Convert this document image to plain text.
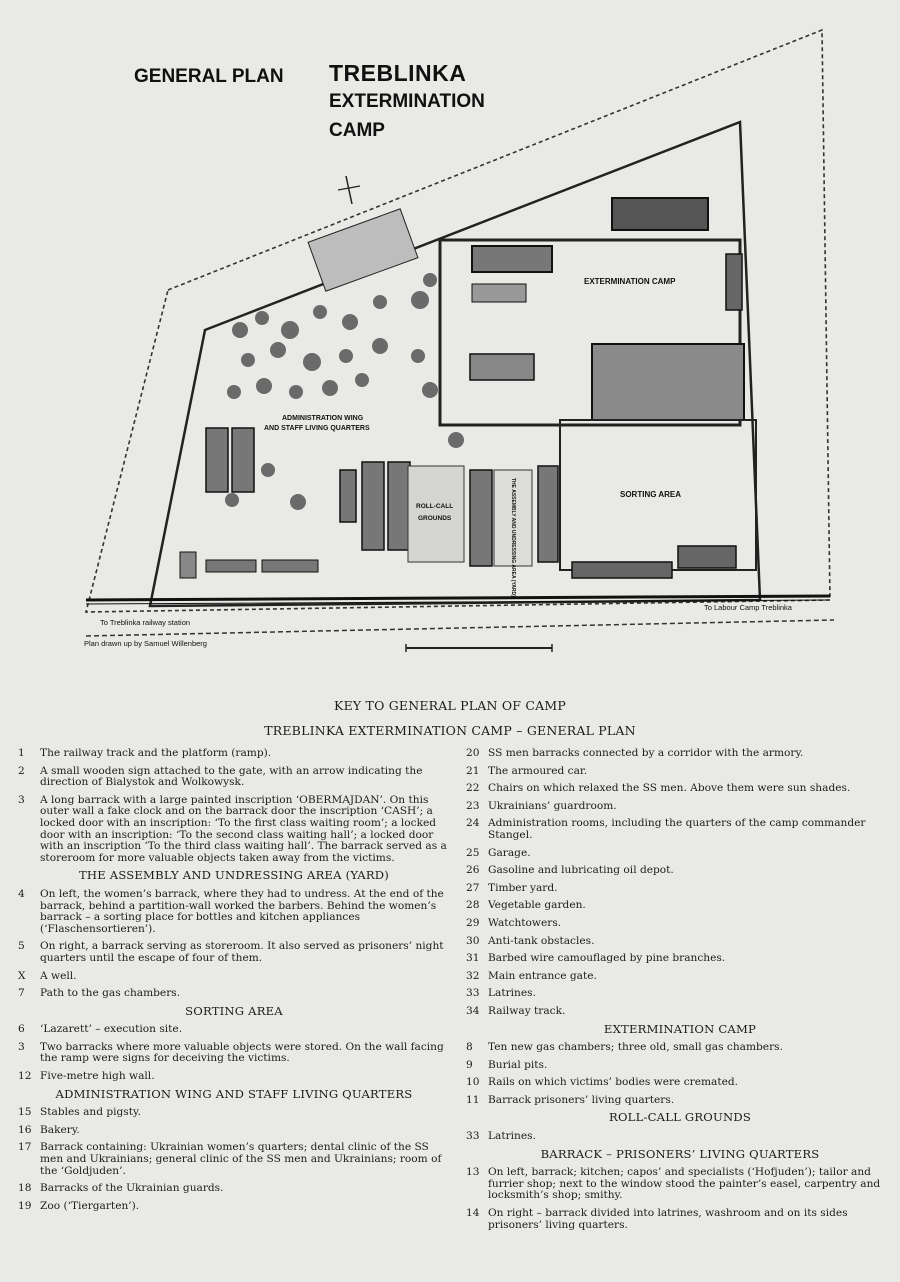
GENERAL PLAN TREBLINKA
EXTERMINATION
CAMP
EXTERMINATION CAMP
ADMINISTRATION WING
AND STAFF LIVING QUARTERS
ROLL-CALL
GROUNDS	THE ASSEMBLY AND UNDRESSING AREA (YARD)	SORTING AREA
To Treblinka railway station
To Labour Camp Treblinka
Plan drawn up by Samuel Willenberg
KEY TO GENERAL PLAN OF CAMP
TREBLINKA EXTERMINATION CAMP – GENERAL PLAN
1	The railway track and the platform (ramp).
2	A small wooden sign attached to the gate, with an arrow indicating the direction of Bialystok and Wolkowysk.
3	A long barrack with a large painted inscription ‘OBERMAJDAN’. On this outer wall a fake clock and on the barrack door the inscription ‘CASH’; a locked door with an inscription: ‘To the first class waiting room’; a locked door with an inscription: ‘To the second class waiting hall’; a locked door with an inscription ‘To the third class waiting hall’. The barrack served as a storeroom for more valuable objects taken away from the victims.
THE ASSEMBLY AND UNDRESSING AREA (YARD)
4	On left, the women’s barrack, where they had to undress. At the end of the barrack, behind a partition-wall worked the barbers. Behind the women’s barrack – a sorting place for bottles and kitchen appliances (‘Flaschensortieren’).
5	On right, a barrack serving as storeroom. It also served as prisoners’ night quarters until the escape of four of them.
X	A well.
7	Path to the gas chambers.
SORTING AREA
6	‘Lazarett’ – execution site.
3	Two barracks where more valuable objects were stored. On the wall facing the ramp were signs for deceiving the victims.
12 Five-metre high wall.
ADMINISTRATION WING AND STAFF LIVING QUARTERS
15 Stables and pigsty.
16 Bakery.
17 Barrack containing: Ukrainian women’s quarters; dental clinic of the SS men and Ukrainians; general clinic of the SS men and Ukrainians; room of the ‘Goldjuden’.
18 Barracks of the Ukrainian guards.
19 Zoo (‘Tiergarten’).
20 SS men barracks connected by a corridor with the armory.
21 The armoured car.
22 Chairs on which relaxed the SS men. Above them were sun shades.
23 Ukrainians’ guardroom.
24 Administration rooms, including the quarters of the camp commander Stangel.
25 Garage.
26 Gasoline and lubricating oil depot.
27 Timber yard.
28 Vegetable garden.
29 Watchtowers.
30 Anti-tank obstacles.
31 Barbed wire camouflaged by pine branches.
32 Main entrance gate.
33 Latrines.
34 Railway track.
EXTERMINATION CAMP
8	Ten new gas chambers; three old, small gas chambers.
9	Burial pits.
10 Rails on which victims’ bodies were cremated.
11 Barrack prisoners’ living quarters.
ROLL-CALL GROUNDS
33 Latrines.
BARRACK – PRISONERS’ LIVING QUARTERS
13 On left, barrack; kitchen; capos’ and specialists (‘Hofjuden’); tailor and furrier shop; next to the window stood the painter’s easel, carpentry and locksmith’s shop; smithy.
14 On right – barrack divided into latrines, washroom and on its sides prisoners’ living quarters.
